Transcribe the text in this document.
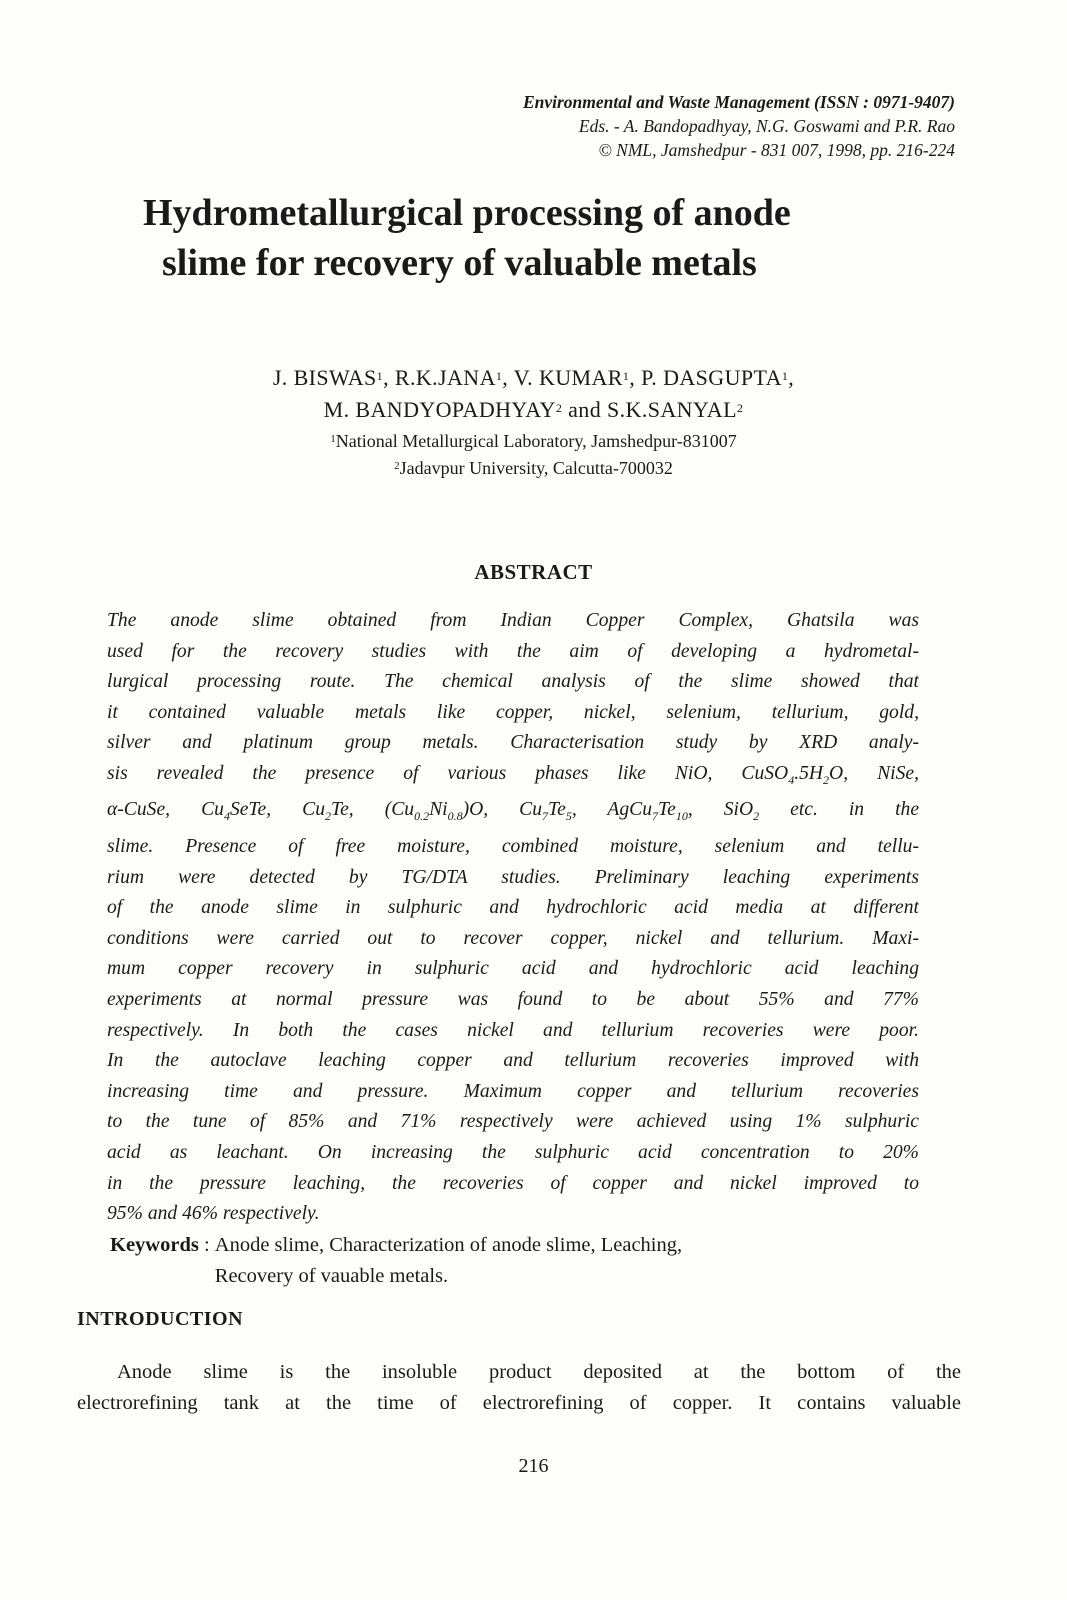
Environmental and Waste Management (ISSN : 0971-9407)
Eds. - A. Bandopadhyay, N.G. Goswami and P.R. Rao
© NML, Jamshedpur - 831 007, 1998, pp. 216-224
Hydrometallurgical processing of anode
slime for recovery of valuable metals
J. BISWAS$^1$, R.K.JANA$^1$, V. KUMAR$^1$, P. DASGUPTA$^1$,
M. BANDYOPADHYAY$^2$ and S.K.SANYAL$^2$
$^1$National Metallurgical Laboratory, Jamshedpur-831007
$^2$Jadavpur University, Calcutta-700032
ABSTRACT
The anode slime obtained from Indian Copper Complex, Ghatsila was
used for the recovery studies with the aim of developing a hydrometal-
lurgical processing route. The chemical analysis of the slime showed that
it contained valuable metals like copper, nickel, selenium, tellurium, gold,
silver and platinum group metals. Characterisation study by XRD analy-
sis revealed the presence of various phases like NiO, $CuSO_4.5H_2O$, NiSe,
α-CuSe, $Cu_4SeTe$, $Cu_2Te$, $(Cu_{0.2}Ni_{0.8})O$, $Cu_7Te_5$, $AgCu_7Te_{10}$, SiO$_2$ etc. in the
slime. Presence of free moisture, combined moisture, selenium and tellu-
rium were detected by TG/DTA studies. Preliminary leaching experiments
of the anode slime in sulphuric and hydrochloric acid media at different
conditions were carried out to recover copper, nickel and tellurium. Maxi-
mum copper recovery in sulphuric acid and hydrochloric acid leaching
experiments at normal pressure was found to be about 55% and 77%
respectively. In both the cases nickel and tellurium recoveries were poor.
In the autoclave leaching copper and tellurium recoveries improved with
increasing time and pressure. Maximum copper and tellurium recoveries
to the tune of 85% and 71% respectively were achieved using 1% sulphuric
acid as leachant. On increasing the sulphuric acid concentration to 20%
in the pressure leaching, the recoveries of copper and nickel improved to
95% and 46% respectively.
Keywords : Anode slime, Characterization of anode slime, Leaching,
Recovery of vauable metals.
INTRODUCTION
Anode slime is the insoluble product deposited at the bottom of the
electrorefining tank at the time of electrorefining of copper. It contains valuable
216
